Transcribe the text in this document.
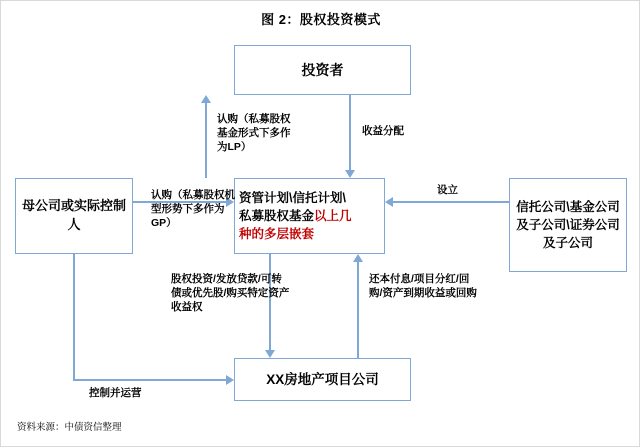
图 2：股权投资模式
投资者
母公司或实际控制人
资管计划\信托计划\
私募股权基金以上几
种的多层嵌套
信托公司\基金公司及子公司\证券公司及子公司
XX房地产项目公司
认购（私募股权基金形式下多作为LP）
收益分配
认购（私募股权机型形势下多作为GP）
设立
股权投资/发放贷款/可转债或优先股/购买特定资产收益权
还本付息/项目分红/回购/资产到期收益或回购
控制并运营
资料来源：中债资信整理
